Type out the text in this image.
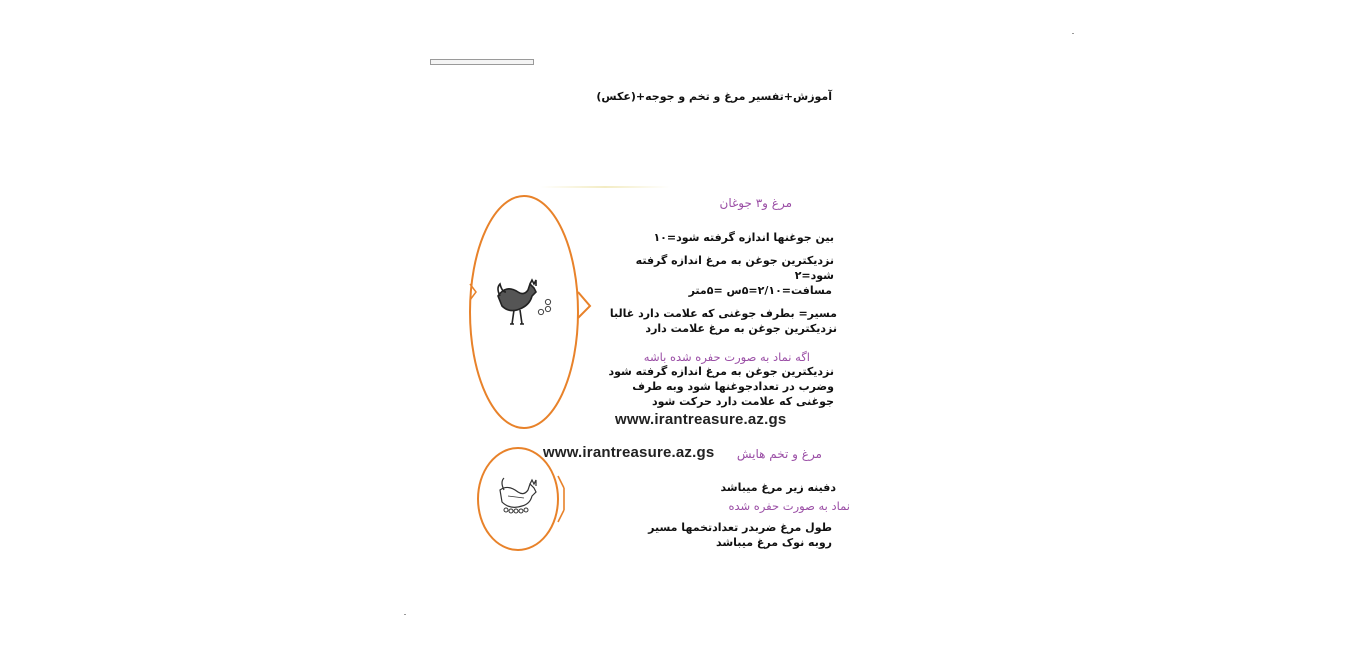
آموزش+تفسیر مرغ و تخم و جوجه+(عکس)
مرغ و۳ جوغان
بین جوغنها اندازه گرفته شود=۱۰
نزدیکترین جوغن به مرغ اندازه گرفته شود=۲
مسافت=۲/۱۰=۵س =۵متر
مسیر= بطرف جوغنی که علامت دارد غالبا نزدیکترین جوغن به مرغ علامت دارد
اگه نماد به صورت حفره شده باشه
نزدیکترین جوغن به مرغ اندازه گرفته شود وضرب در تعدادجوغنها شود وبه طرف جوغنی که علامت دارد حرکت شود
www.irantreasure.az.gs
www.irantreasure.az.gs	مرغ و تخم هایش
دفینه زیر مرغ میباشد
نماد به صورت حفره شده
طول مرغ ضربدر تعدادتخمها مسیر روبه نوک مرغ میباشد
